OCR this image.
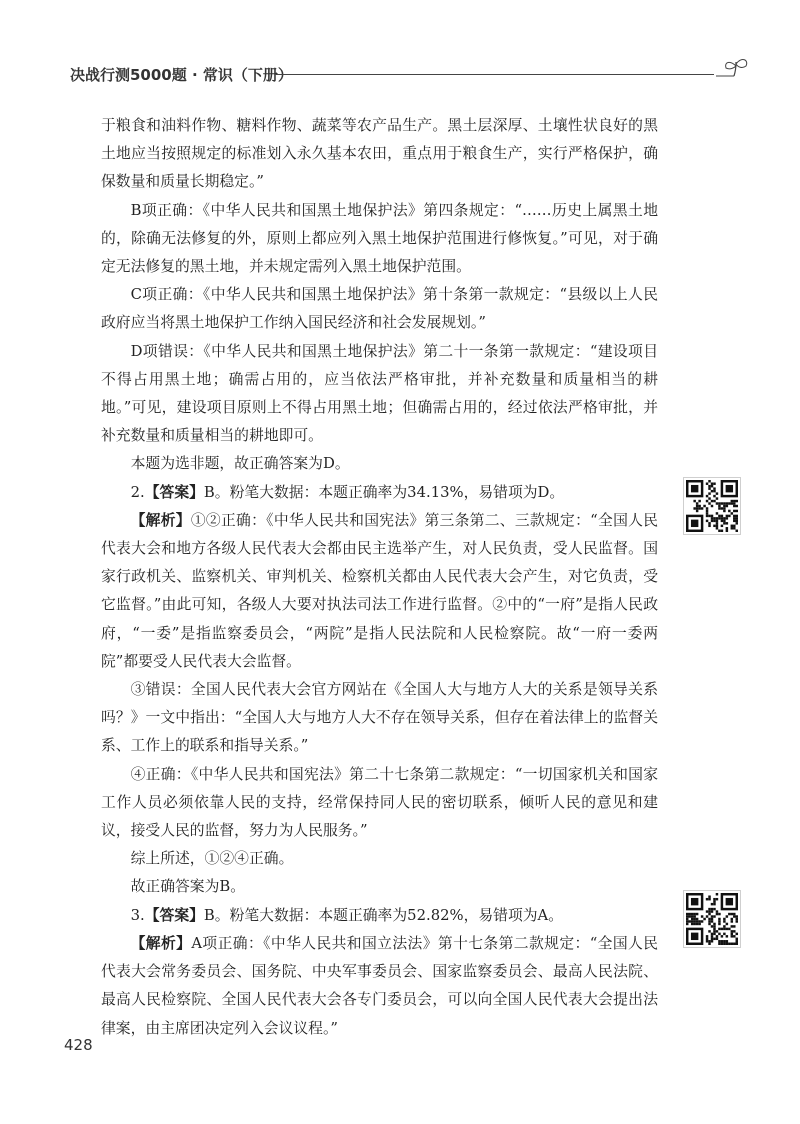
决战行测5000题 · 常识（下册）

于粮食和油料作物、糖料作物、蔬菜等农产品生产。黑土层深厚、土壤性状良好的黑土地应当按照规定的标准划入永久基本农田，重点用于粮食生产，实行严格保护，确保数量和质量长期稳定。”

B项正确：《中华人民共和国黑土地保护法》第四条规定：“……历史上属黑土地的，除确无法修复的外，原则上都应列入黑土地保护范围进行修恢复。”可见，对于确定无法修复的黑土地，并未规定需列入黑土地保护范围。

C项正确：《中华人民共和国黑土地保护法》第十条第一款规定：“县级以上人民政府应当将黑土地保护工作纳入国民经济和社会发展规划。”

D项错误：《中华人民共和国黑土地保护法》第二十一条第一款规定：“建设项目不得占用黑土地；确需占用的，应当依法严格审批，并补充数量和质量相当的耕地。”可见，建设项目原则上不得占用黑土地；但确需占用的，经过依法严格审批，并补充数量和质量相当的耕地即可。

本题为选非题，故正确答案为D。

2.【答案】B。粉笔大数据：本题正确率为34.13%，易错项为D。

【解析】①②正确：《中华人民共和国宪法》第三条第二、三款规定：“全国人民代表大会和地方各级人民代表大会都由民主选举产生，对人民负责，受人民监督。国家行政机关、监察机关、审判机关、检察机关都由人民代表大会产生，对它负责，受它监督。”由此可知，各级人大要对执法司法工作进行监督。②中的“一府”是指人民政府，“一委”是指监察委员会，“两院”是指人民法院和人民检察院。故“一府一委两院”都要受人民代表大会监督。

③错误：全国人民代表大会官方网站在《全国人大与地方人大的关系是领导关系吗？》一文中指出：“全国人大与地方人大不存在领导关系，但存在着法律上的监督关系、工作上的联系和指导关系。”

④正确：《中华人民共和国宪法》第二十七条第二款规定：“一切国家机关和国家工作人员必须依靠人民的支持，经常保持同人民的密切联系，倾听人民的意见和建议，接受人民的监督，努力为人民服务。”

综上所述，①②④正确。

故正确答案为B。

3.【答案】B。粉笔大数据：本题正确率为52.82%，易错项为A。

【解析】A项正确：《中华人民共和国立法法》第十七条第二款规定：“全国人民代表大会常务委员会、国务院、中央军事委员会、国家监察委员会、最高人民法院、最高人民检察院、全国人民代表大会各专门委员会，可以向全国人民代表大会提出法律案，由主席团决定列入会议议程。”

428
